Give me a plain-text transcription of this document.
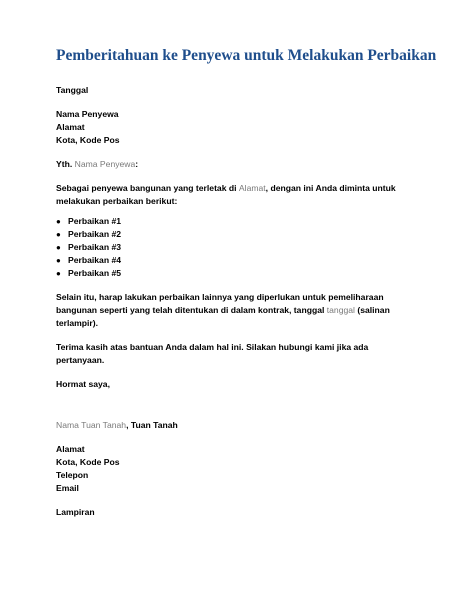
Pemberitahuan ke Penyewa untuk Melakukan Perbaikan
Tanggal
Nama Penyewa
Alamat
Kota, Kode Pos
Yth. Nama Penyewa:
Sebagai penyewa bangunan yang terletak di Alamat, dengan ini Anda diminta untuk melakukan perbaikan berikut:
● Perbaikan #1
● Perbaikan #2
● Perbaikan #3
● Perbaikan #4
● Perbaikan #5
Selain itu, harap lakukan perbaikan lainnya yang diperlukan untuk pemeliharaan bangunan seperti yang telah ditentukan di dalam kontrak, tanggal tanggal (salinan terlampir).
Terima kasih atas bantuan Anda dalam hal ini. Silakan hubungi kami jika ada pertanyaan.
Hormat saya,
Nama Tuan Tanah, Tuan Tanah
Alamat
Kota, Kode Pos
Telepon
Email
Lampiran
